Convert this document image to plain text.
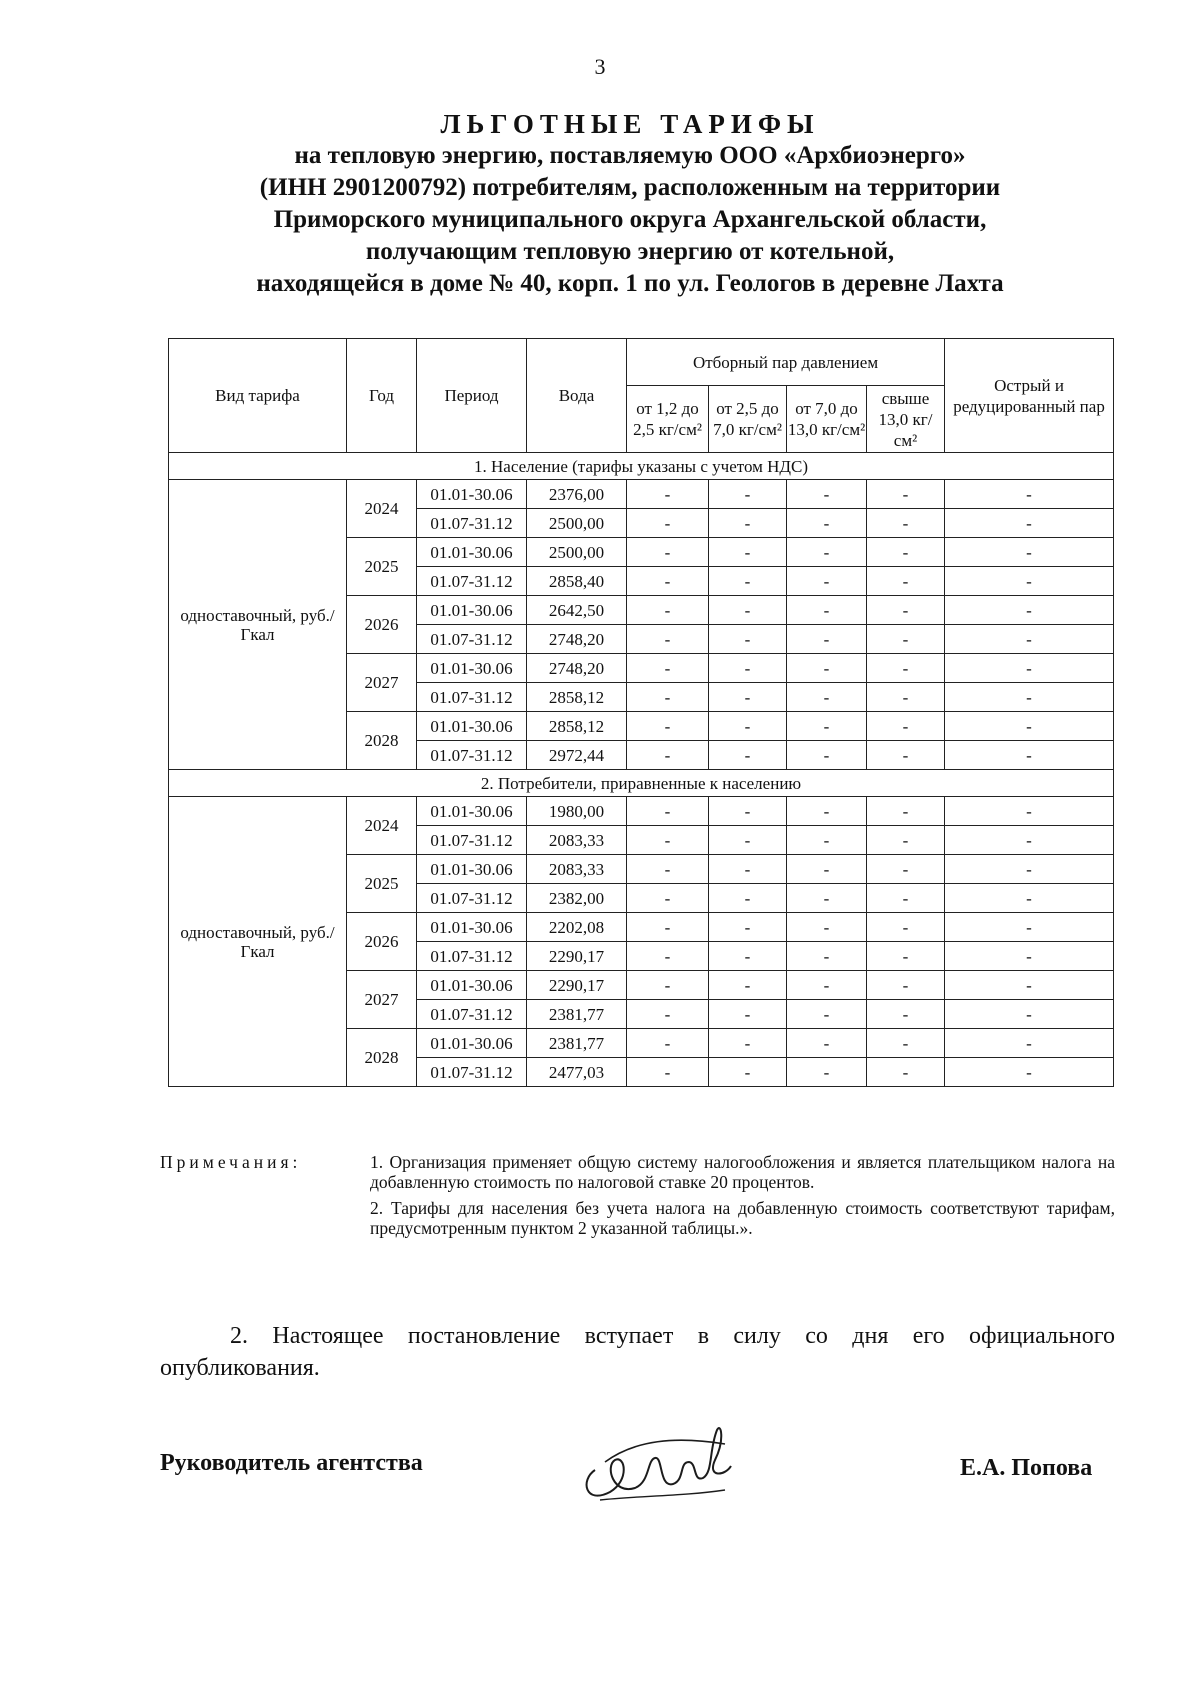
3
ЛЬГОТНЫЕ ТАРИФЫ
на тепловую энергию, поставляемую ООО «Архбиоэнерго»
(ИНН 2901200792) потребителям, расположенным на территории
Приморского муниципального округа Архангельской области,
получающим тепловую энергию от котельной,
находящейся в доме № 40, корп. 1 по ул. Геологов в деревне Лахта
Вид тарифа	Год	Период	Вода	Отборный пар давлением				Острый и редуцированный пар
				от 1,2 до 2,5 кг/см²	от 2,5 до 7,0 кг/см²	от 7,0 до 13,0 кг/см²	свыше 13,0 кг/см²	
1. Население (тарифы указаны с учетом НДС)								
одноставочный, руб./Гкал	2024	01.01-30.06	2376,00	-	-	-	-	-
		01.07-31.12	2500,00	-	-	-	-	-
	2025	01.01-30.06	2500,00	-	-	-	-	-
		01.07-31.12	2858,40	-	-	-	-	-
	2026	01.01-30.06	2642,50	-	-	-	-	-
		01.07-31.12	2748,20	-	-	-	-	-
	2027	01.01-30.06	2748,20	-	-	-	-	-
		01.07-31.12	2858,12	-	-	-	-	-
	2028	01.01-30.06	2858,12	-	-	-	-	-
		01.07-31.12	2972,44	-	-	-	-	-
2. Потребители, приравненные к населению								
одноставочный, руб./Гкал	2024	01.01-30.06	1980,00	-	-	-	-	-
		01.07-31.12	2083,33	-	-	-	-	-
	2025	01.01-30.06	2083,33	-	-	-	-	-
		01.07-31.12	2382,00	-	-	-	-	-
	2026	01.01-30.06	2202,08	-	-	-	-	-
		01.07-31.12	2290,17	-	-	-	-	-
	2027	01.01-30.06	2290,17	-	-	-	-	-
		01.07-31.12	2381,77	-	-	-	-	-
	2028	01.01-30.06	2381,77	-	-	-	-	-
		01.07-31.12	2477,03	-	-	-	-	-
Примечания:	1. Организация применяет общую систему налогообложения и является плательщиком налога на добавленную стоимость по налоговой ставке 20 процентов.

2. Тарифы для населения без учета налога на добавленную стоимость соответствуют тарифам, предусмотренным пунктом 2 указанной таблицы.».

2. Настоящее постановление вступает в силу со дня его официального опубликования.
Руководитель агентства	Е.А. Попова
